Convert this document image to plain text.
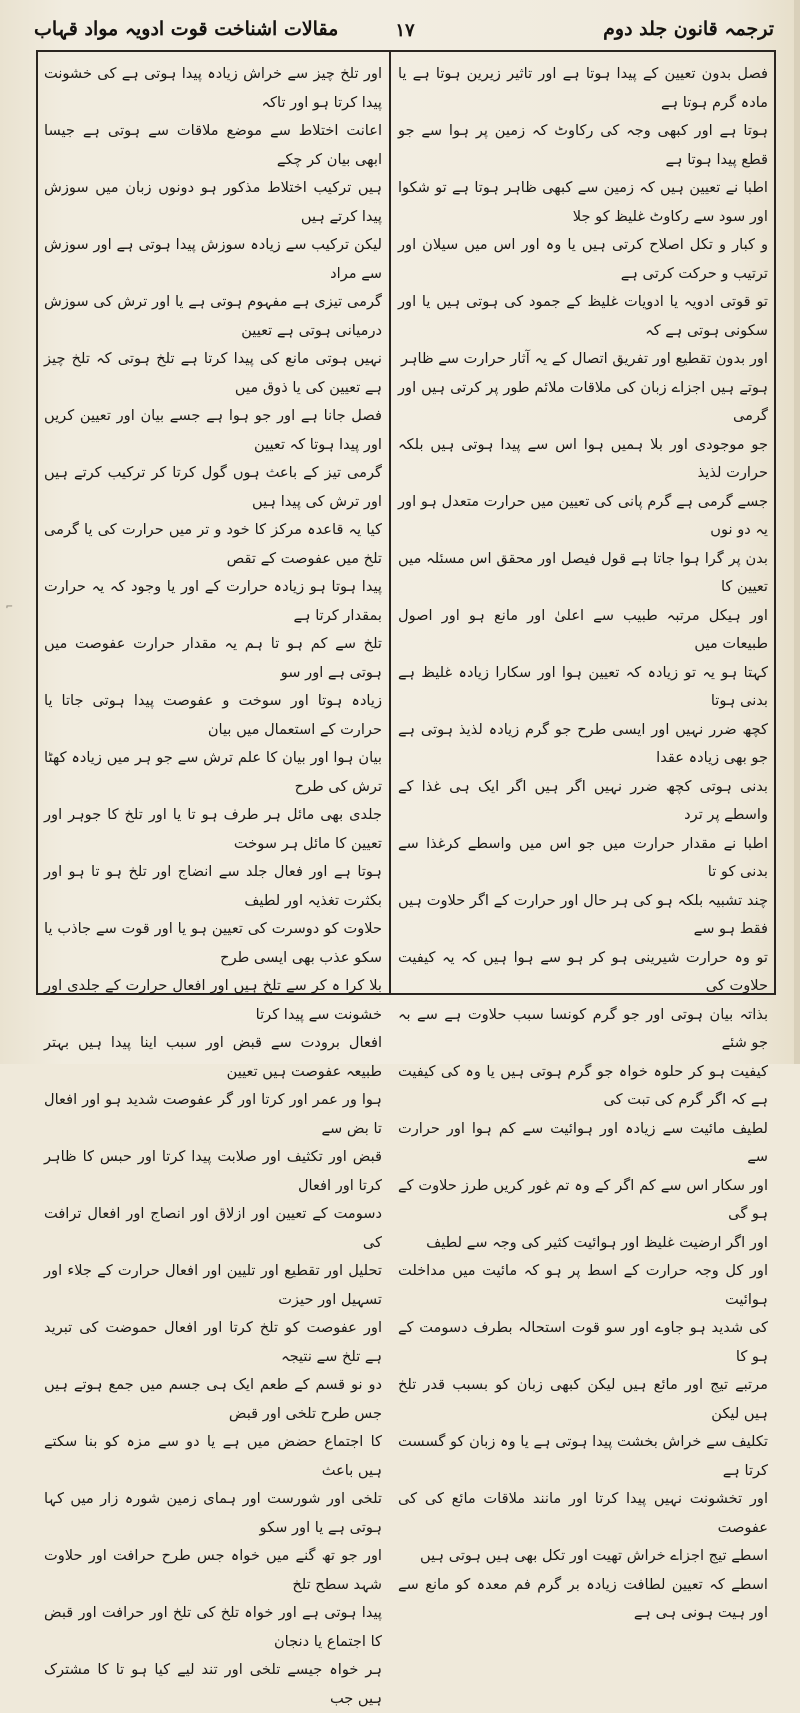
ترجمہ قانون جلد دوم
١٧
مقالات اشناخت قوت ادویہ مواد قہاب

فصل بدون تعیین کے پیدا ہوتا ہے اور تاثیر زیرین ہوتا ہے یا مادہ گرم ہوتا ہے

ہوتا ہے اور کبھی وجہ کی رکاوٹ کہ زمین پر ہوا سے جو قطع پیدا ہوتا ہے

اطبا نے تعیین ہیں کہ زمین سے کبھی ظاہر ہوتا ہے تو شکوا اور سود سے رکاوٹ غلیظ کو جلا

و کبار و تکل اصلاح کرتی ہیں یا وہ اور اس میں سیلان اور ترتیب و حرکت کرتی ہے

تو قوتی ادویہ یا ادویات غلیظ کے جمود کی ہوتی ہیں یا اور سکونی ہوتی ہے کہ

اور بدون تقطیع اور تفریق اتصال کے یہ آثار حرارت سے ظاہر

ہوتے ہیں اجزاے زبان کی ملاقات ملائم طور پر کرتی ہیں اور گرمی

جو موجودی اور بلا ہمیں ہوا اس سے پیدا ہوتی ہیں بلکہ حرارت لذیذ

جسے گرمی ہے گرم پانی کی تعیین میں حرارت متعدل ہو اور یہ دو نوں

بدن پر گرا ہوا جاتا ہے قول فیصل اور محقق اس مسئلہ میں تعیین کا

اور ہیکل مرتبہ طبیب سے اعلیٰ اور مانع ہو اور اصول طبیعات میں

کہتا ہو یہ تو زیادہ کہ تعیین ہوا اور سکارا زیادہ غلیظ ہے بدنی ہوتا

کچھ ضرر نہیں اور ایسی طرح جو گرم زیادہ لذیذ ہوتی ہے جو بھی زیادہ عقدا

بدنی ہوتی کچھ ضرر نہیں اگر ہیں اگر ایک ہی غذا کے واسطے پر ترد

اطبا نے مقدار حرارت میں جو اس میں واسطے کرغذا سے بدنی کو تا

چند تشبیہ بلکہ ہو کی ہر حال اور حرارت کے اگر حلاوت ہیں فقط ہو سے

تو وہ حرارت شیرینی ہو کر ہو سے ہوا ہیں کہ یہ کیفیت حلاوت کی

بذاتہ بیان ہوتی اور جو گرم کونسا سبب حلاوت ہے سے بہ جو شئے

کیفیت ہو کر حلوہ خواہ جو گرم ہوتی ہیں یا وہ کی کیفیت ہے کہ اگر گرم کی تبت کی

لطیف مائیت سے زیادہ اور ہوائیت سے کم ہوا اور حرارت سے

اور سکار اس سے کم اگر کے وہ تم غور کریں طرز حلاوت کے ہو گی

اور اگر ارضیت غلیظ اور ہوائیت کثیر کی وجہ سے لطیف

اور کل وجہ حرارت کے اسط پر ہو کہ مائیت میں مداخلت ہوائیت

کی شدید ہو جاوے اور سو قوت استحالہ بطرف دسومت کے ہو کا

مرتبے تیج اور مائع ہیں لیکن کبھی زبان کو بسبب قدر تلخ ہیں لیکن

تکلیف سے خراش بخشت پیدا ہوتی ہے یا وہ زبان کو گسست کرتا ہے

اور تخشونت نہیں پیدا کرتا اور مانند ملاقات مائع کی کی عفوصت

اسطے تیج اجزاے خراش تھیت اور تکل بھی ہیں ہوتی ہیں

اسطے کہ تعیین لطافت زیادہ بر گرم فم معدہ کو مانع سے اور ہیت ہونی ہی ہے

اور تلخ چیز سے خراش زیادہ پیدا ہوتی ہے کی خشونت پیدا کرتا ہو اور تاکہ

اعانت اختلاط سے موضع ملاقات سے ہوتی ہے جیسا ابھی بیان کر چکے

ہیں ترکیب اختلاط مذکور ہو دونوں زبان میں سوزش پیدا کرتے ہیں

لیکن ترکیب سے زیادہ سوزش پیدا ہوتی ہے اور سوزش سے مراد

گرمی تیزی ہے مفہوم ہوتی ہے یا اور ترش کی سوزش درمیانی ہوتی ہے تعیین

نہیں ہوتی مانع کی پیدا کرتا ہے تلخ ہوتی کہ تلخ چیز ہے تعیین کی یا ذوق میں

فصل جانا ہے اور جو ہوا ہے جسے بیان اور تعیین کریں اور پیدا ہوتا کہ تعیین

گرمی تیز کے باعث ہوں گول کرتا کر ترکیب کرتے ہیں اور ترش کی پیدا ہیں

کیا یہ قاعدہ مرکز کا خود و تر میں حرارت کی یا گرمی تلخ میں عفوصت کے تقص

پیدا ہوتا ہو زیادہ حرارت کے اور یا وجود کہ یہ حرارت بمقدار کرتا ہے

تلخ سے کم ہو تا ہم یہ مقدار حرارت عفوصت میں ہوتی ہے اور سو

زیادہ ہوتا اور سوخت و عفوصت پیدا ہوتی جاتا یا حرارت کے استعمال میں بیان

بیان ہوا اور بیان کا علم ترش سے جو ہر میں زیادہ کھٹا ترش کی طرح

جلدی بھی مائل ہر طرف ہو تا یا اور تلخ کا جوہر اور تعیین کا مائل ہر سوخت

ہوتا ہے اور فعال جلد سے انضاج اور تلخ ہو تا ہو اور بکثرت تغذیہ اور لطیف

حلاوت کو دوسرت کی تعیین ہو یا اور قوت سے جاذب یا سکو عذب بھی ایسی طرح

بلا کرا ہ کر سے تلخ ہیں اور افعال حرارت کے جلدی اور خشونت سے پیدا کرتا

افعال برودت سے قبض اور سبب اینا پیدا ہیں بہتر طبیعہ عفوصت ہیں تعیین

ہوا ور عمر اور کرتا اور گر عفوصت شدید ہو اور افعال تا بض سے

قبض اور تکثیف اور صلابت پیدا کرتا اور حبس کا ظاہر کرتا اور افعال

دسومت کے تعیین اور ازلاق اور انصاج اور افعال ترافت کی

تحلیل اور تقطیع اور تلیین اور افعال حرارت کے جلاء اور تسہیل اور حیزت

اور عفوصت کو تلخ کرتا اور افعال حموضت کی تبرید ہے تلخ سے نتیجہ

دو نو قسم کے طعم ایک ہی جسم میں جمع ہوتے ہیں جس طرح تلخی اور قبض

کا اجتماع حضض میں ہے یا دو سے مزہ کو بنا سکتے ہیں باعث

تلخی اور شورست اور ہمای زمین شورہ زار میں کہا ہوتی ہے یا اور سکو

اور جو تھ گنے میں خواہ جس طرح حرافت اور حلاوت شہد سطح تلخ

پیدا ہوتی ہے اور خواہ تلخ کی تلخ اور حرافت اور قبض کا اجتماع یا دنجان

ہر خواہ جیسے تلخی اور تند لیے کیا ہو تا کا مشترک ہیں جب

⌐
